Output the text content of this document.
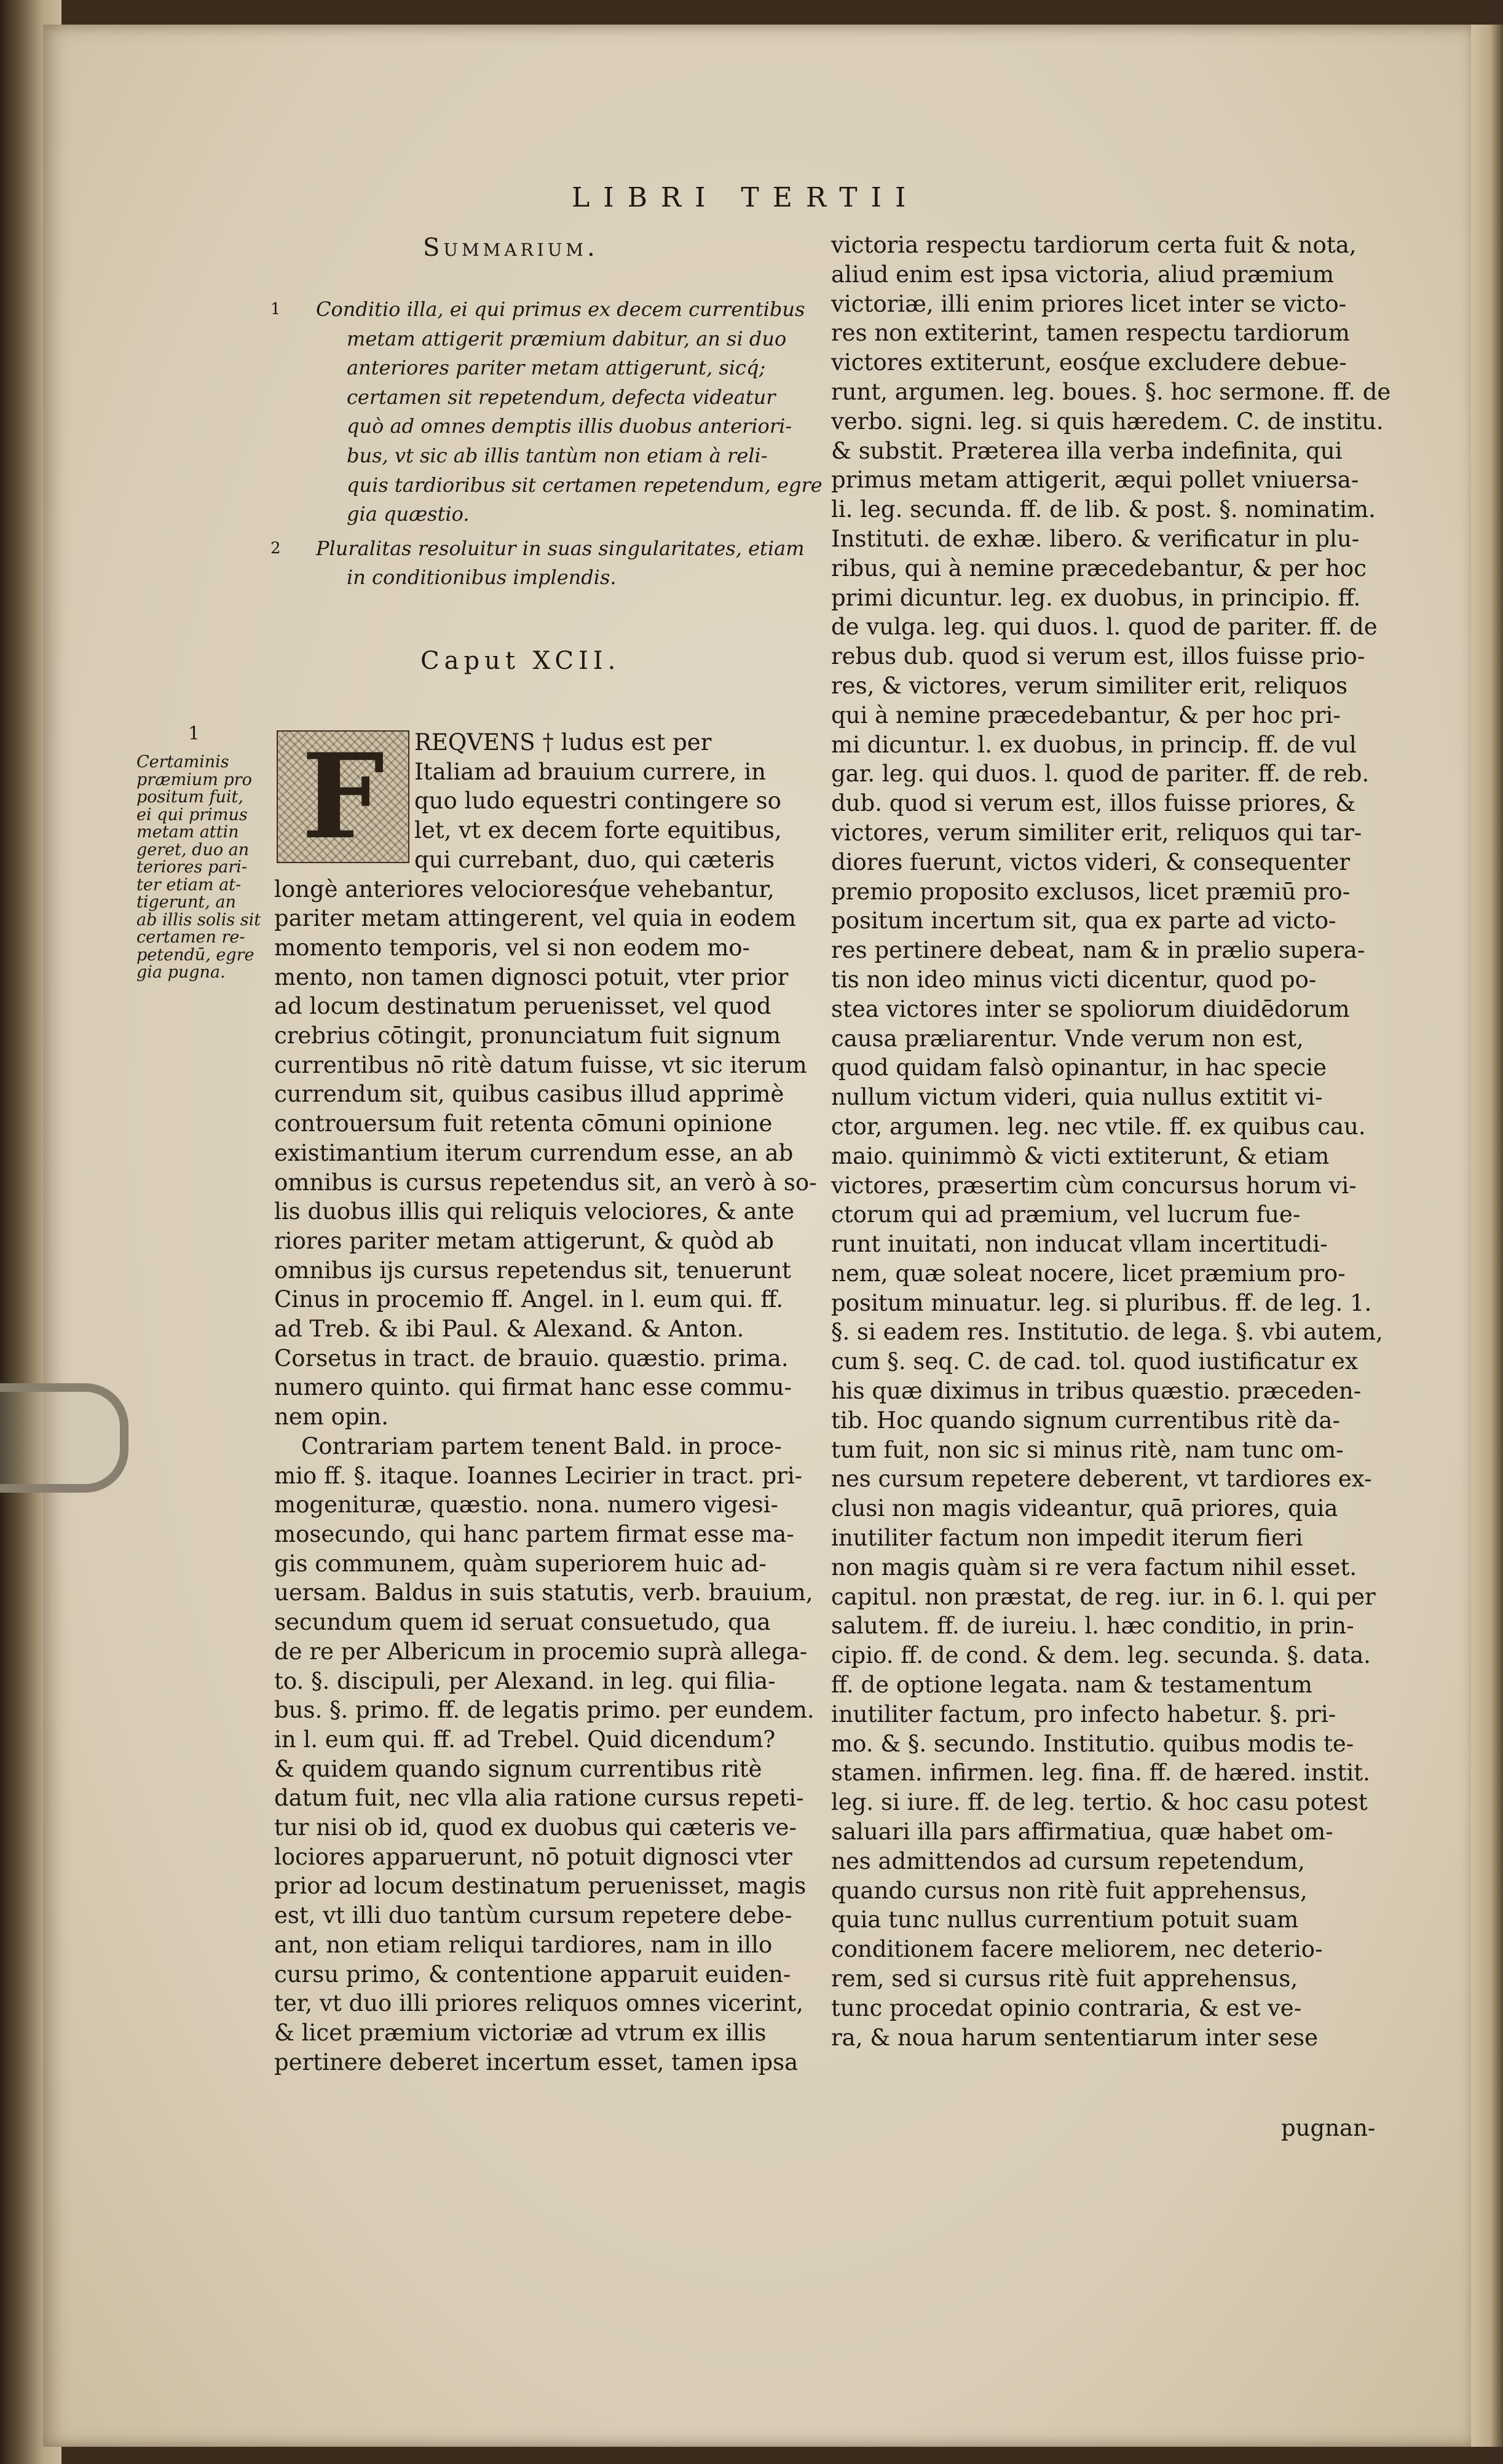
LIBRI TERTII
Summarium.
1 Conditio illa, ei qui primus ex decem currentibus
metam attigerit præmium dabitur, an si duo
anteriores pariter metam attigerunt, sicq́;
certamen sit repetendum, defecta videatur
quò ad omnes demptis illis duobus anteriori-
bus, vt sic ab illis tantùm non etiam à reli-
quis tardioribus sit certamen repetendum, egre
gia quæstio.
2 Pluralitas resoluitur in suas singularitates, etiam
in conditionibus implendis.
Caput XCII.
1
Certaminis
præmium pro
positum fuit,
ei qui primus
metam attin
geret, duo an
teriores pari-
ter etiam at-
tigerunt, an
ab illis solis sit
certamen re-
petendū, egre
gia pugna.
F	REQVENS † ludus est per
Italiam ad brauium currere, in
quo ludo equestri contingere so
let, vt ex decem forte equitibus,
qui currebant, duo, qui cæteris
longè anteriores velocioresq́ue vehebantur,
pariter metam attingerent, vel quia in eodem
momento temporis, vel si non eodem mo-
mento, non tamen dignosci potuit, vter prior
ad locum destinatum peruenisset, vel quod
crebrius cōtingit, pronunciatum fuit signum
currentibus nō ritè datum fuisse, vt sic iterum
currendum sit, quibus casibus illud apprimè
controuersum fuit retenta cōmuni opinione
existimantium iterum currendum esse, an ab
omnibus is cursus repetendus sit, an verò à so-
lis duobus illis qui reliquis velociores, & ante
riores pariter metam attigerunt, & quòd ab
omnibus ijs cursus repetendus sit, tenuerunt
Cinus in procemio ff. Angel. in l. eum qui. ff.
ad Treb. & ibi Paul. & Alexand. & Anton.
Corsetus in tract. de brauio. quæstio. prima.
numero quinto. qui firmat hanc esse commu-
nem opin.
Contrariam partem tenent Bald. in proce-
mio ff. §. itaque. Ioannes Lecirier in tract. pri-
mogenituræ, quæstio. nona. numero vigesi-
mosecundo, qui hanc partem firmat esse ma-
gis communem, quàm superiorem huic ad-
uersam. Baldus in suis statutis, verb. brauium,
secundum quem id seruat consuetudo, qua
de re per Albericum in procemio suprà allega-
to. §. discipuli, per Alexand. in leg. qui filia-
bus. §. primo. ff. de legatis primo. per eundem.
in l. eum qui. ff. ad Trebel. Quid dicendum?
& quidem quando signum currentibus ritè
datum fuit, nec vlla alia ratione cursus repeti-
tur nisi ob id, quod ex duobus qui cæteris ve-
lociores apparuerunt, nō potuit dignosci vter
prior ad locum destinatum peruenisset, magis
est, vt illi duo tantùm cursum repetere debe-
ant, non etiam reliqui tardiores, nam in illo
cursu primo, & contentione apparuit euiden-
ter, vt duo illi priores reliquos omnes vicerint,
& licet præmium victoriæ ad vtrum ex illis
pertinere deberet incertum esset, tamen ipsa
victoria respectu tardiorum certa fuit & nota,
aliud enim est ipsa victoria, aliud præmium
victoriæ, illi enim priores licet inter se victo-
res non extiterint, tamen respectu tardiorum
victores extiterunt, eosq́ue excludere debue-
runt, argumen. leg. boues. §. hoc sermone. ff. de
verbo. signi. leg. si quis hæredem. C. de institu.
& substit. Præterea illa verba indefinita, qui
primus metam attigerit, æqui pollet vniuersa-
li. leg. secunda. ff. de lib. & post. §. nominatim.
Instituti. de exhæ. libero. & verificatur in plu-
ribus, qui à nemine præcedebantur, & per hoc
primi dicuntur. leg. ex duobus, in principio. ff.
de vulga. leg. qui duos. l. quod de pariter. ff. de
rebus dub. quod si verum est, illos fuisse prio-
res, & victores, verum similiter erit, reliquos
qui à nemine præcedebantur, & per hoc pri-
mi dicuntur. l. ex duobus, in princip. ff. de vul
gar. leg. qui duos. l. quod de pariter. ff. de reb.
dub. quod si verum est, illos fuisse priores, &
victores, verum similiter erit, reliquos qui tar-
diores fuerunt, victos videri, & consequenter
premio proposito exclusos, licet præmiū pro-
positum incertum sit, qua ex parte ad victo-
res pertinere debeat, nam & in prælio supera-
tis non ideo minus victi dicentur, quod po-
stea victores inter se spoliorum diuidēdorum
causa præliarentur. Vnde verum non est,
quod quidam falsò opinantur, in hac specie
nullum victum videri, quia nullus extitit vi-
ctor, argumen. leg. nec vtile. ff. ex quibus cau.
maio. quinimmò & victi extiterunt, & etiam
victores, præsertim cùm concursus horum vi-
ctorum qui ad præmium, vel lucrum fue-
runt inuitati, non inducat vllam incertitudi-
nem, quæ soleat nocere, licet præmium pro-
positum minuatur. leg. si pluribus. ff. de leg. 1.
§. si eadem res. Institutio. de lega. §. vbi autem,
cum §. seq. C. de cad. tol. quod iustificatur ex
his quæ diximus in tribus quæstio. præceden-
tib. Hoc quando signum currentibus ritè da-
tum fuit, non sic si minus ritè, nam tunc om-
nes cursum repetere deberent, vt tardiores ex-
clusi non magis videantur, quā priores, quia
inutiliter factum non impedit iterum fieri
non magis quàm si re vera factum nihil esset.
capitul. non præstat, de reg. iur. in 6. l. qui per
salutem. ff. de iureiu. l. hæc conditio, in prin-
cipio. ff. de cond. & dem. leg. secunda. §. data.
ff. de optione legata. nam & testamentum
inutiliter factum, pro infecto habetur. §. pri-
mo. & §. secundo. Institutio. quibus modis te-
stamen. infirmen. leg. fina. ff. de hæred. instit.
leg. si iure. ff. de leg. tertio. & hoc casu potest
saluari illa pars affirmatiua, quæ habet om-
nes admittendos ad cursum repetendum,
quando cursus non ritè fuit apprehensus,
quia tunc nullus currentium potuit suam
conditionem facere meliorem, nec deterio-
rem, sed si cursus ritè fuit apprehensus,
tunc procedat opinio contraria, & est ve-
ra, & noua harum sententiarum inter sese
pugnan-
